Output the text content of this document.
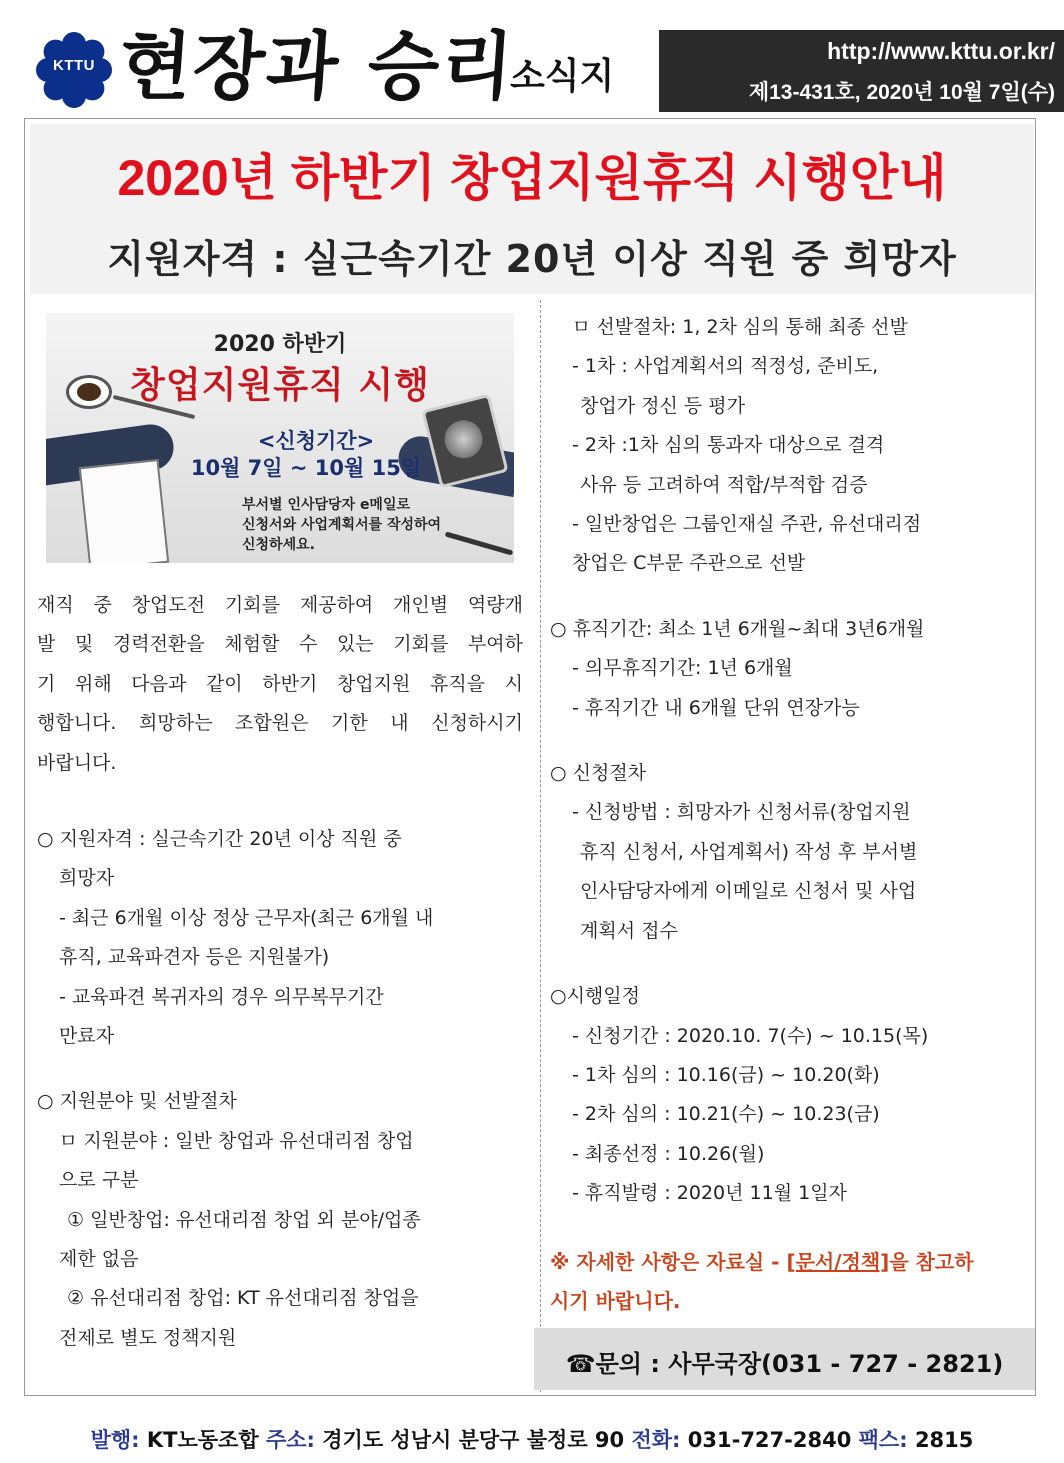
KTTU 현장과 승리
소식지
http://www.kttu.or.kr/
제13-431호, 2020년 10월 7일(수)
2020년 하반기 창업지원휴직 시행안내
지원자격 : 실근속기간 20년 이상 직원 중 희망자
2020 하반기
창업지원휴직 시행
<신청기간>
10월 7일 ~ 10월 15일
부서별 인사담당자 e메일로
신청서와 사업계획서를 작성하여
신청하세요.
재직 중 창업도전 기회를 제공하여 개인별 역량개
발 및 경력전환을 체험할 수 있는 기회를 부여하
기 위해 다음과 같이 하반기 창업지원 휴직을 시
행합니다. 희망하는 조합원은 기한 내 신청하시기
바랍니다.
○ 지원자격 : 실근속기간 20년 이상 직원 중
희망자
- 최근 6개월 이상 정상 근무자(최근 6개월 내
휴직, 교육파견자 등은 지원불가)
- 교육파견 복귀자의 경우 의무복무기간
만료자
○ 지원분야 및 선발절차
ㅁ 지원분야 : 일반 창업과 유선대리점 창업
으로 구분
① 일반창업: 유선대리점 창업 외 분야/업종
제한 없음
② 유선대리점 창업: KT 유선대리점 창업을
전제로 별도 정책지원
ㅁ 선발절차: 1, 2차 심의 통해 최종 선발
- 1차 : 사업계획서의 적정성, 준비도,
창업가 정신 등 평가
- 2차 :1차 심의 통과자 대상으로 결격
사유 등 고려하여 적합/부적합 검증
- 일반창업은 그룹인재실 주관, 유선대리점
창업은 C부문 주관으로 선발
○ 휴직기간: 최소 1년 6개월~최대 3년6개월
- 의무휴직기간: 1년 6개월
- 휴직기간 내 6개월 단위 연장가능
○ 신청절차
- 신청방법 : 희망자가 신청서류(창업지원
휴직 신청서, 사업계획서) 작성 후 부서별
인사담당자에게 이메일로 신청서 및 사업
계획서 접수
○시행일정
- 신청기간 : 2020.10. 7(수) ~ 10.15(목)
- 1차 심의 : 10.16(금) ~ 10.20(화)
- 2차 심의 : 10.21(수) ~ 10.23(금)
- 최종선정 : 10.26(월)
- 휴직발령 : 2020년 11월 1일자
※ 자세한 사항은 자료실 - [문서/정책]을 참고하
시기 바랍니다.
☎문의 : 사무국장(031 - 727 - 2821)
발행: KT노동조합 주소: 경기도 성남시 분당구 불정로 90 전화: 031-727-2840 팩스: 2815
